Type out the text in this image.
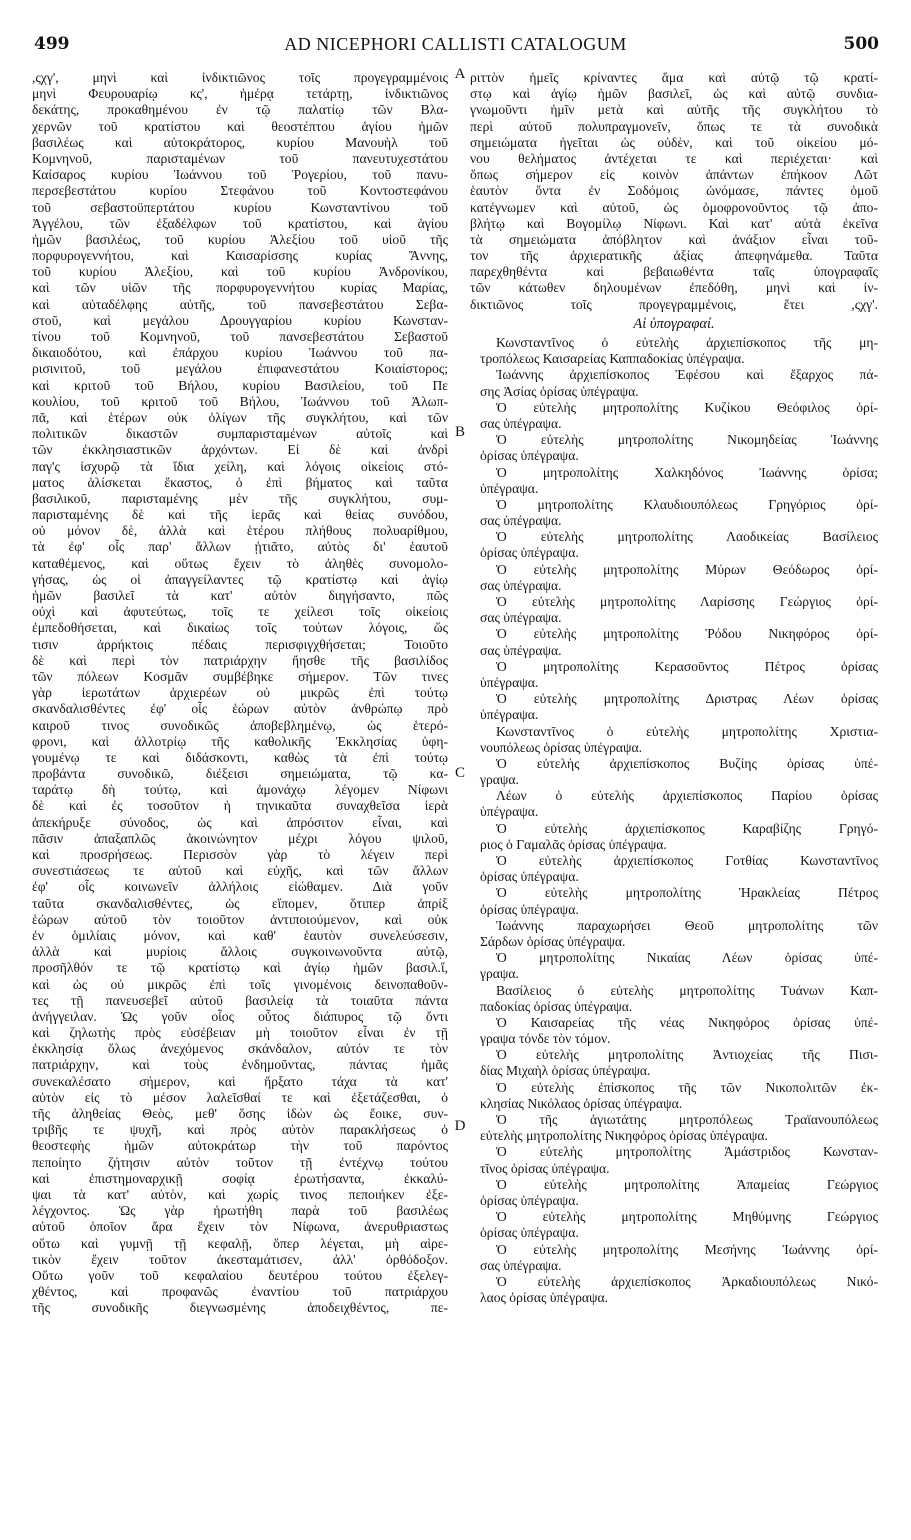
499	AD NICEPHORI CALLISTI CATALOGUM	500
,ςχγ', μηνὶ καὶ ἰνδικτιῶνος τοῖς προγεγραμμένοις
μηνὶ Φευρουαρίῳ κς', ἡμέρᾳ τετάρτῃ, ἰνδικτιῶνος
δεκάτης, προκαθημένου ἐν τῷ παλατίῳ τῶν Βλα-
χερνῶν τοῦ κρατίστου καὶ θεοστέπτου ἁγίου ἡμῶν
βασιλέως καὶ αὐτοκράτορος, κυρίου Μανουὴλ τοῦ
Κομνηνοῦ, παρισταμένων τοῦ πανευτυχεστάτου
Καίσαρος κυρίου Ἰωάννου τοῦ Ῥογερίου, τοῦ πανυ-
περσεβεστάτου κυρίου Στεφάνου τοῦ Κοντοστεφάνου
τοῦ σεβαστοϋπερτάτου κυρίου Κωνσταντίνου τοῦ
Ἀγγέλου, τῶν ἐξαδέλφων τοῦ κρατίστου, καὶ ἁγίου
ἡμῶν βασιλέως, τοῦ κυρίου Ἀλεξίου τοῦ υἱοῦ τῆς
πορφυρογεννήτου, καὶ Καισαρίσσης κυρίας Ἄννης,
τοῦ κυρίου Ἀλεξίου, καὶ τοῦ κυρίου Ἀνδρονίκου,
καὶ τῶν υἱῶν τῆς πορφυρογεννήτου κυρίας Μαρίας,
καὶ αὐταδέλφης αὐτῆς, τοῦ πανσεβεστάτου Σεβα-
στοῦ, καὶ μεγάλου Δρουγγαρίου κυρίου Κωνσταν-
τίνου τοῦ Κομνηνοῦ, τοῦ πανσεβεστάτου Σεβαστοῦ
δικαιοδότου, καὶ ἐπάρχου κυρίου Ἰωάννου τοῦ πα-
ρισινιτοῦ, τοῦ μεγάλου ἐπιφανεστάτου Κοιαίστορος;
καὶ κριτοῦ τοῦ Βήλου, κυρίου Βασιλείου, τοῦ Πε
κουλίου, τοῦ κριτοῦ τοῦ Βήλου, Ἰωάννου τοῦ Ἀλωπ-
πᾶ, καὶ ἑτέρων οὐκ ὀλίγων τῆς συγκλήτου, καὶ τῶν
πολιτικῶν δικαστῶν συμπαρισταμένων αὐτοῖς καὶ
τῶν ἐκκλησιαστικῶν ἀρχόντων. Εἰ δὲ καὶ ἀνδρὶ
παγ'ς ἰσχυρῷ τὰ ἴδια χείλη, καὶ λόγοις οἰκείοις στό-
ματος ἁλίσκεται ἕκαστος, ὁ ἐπὶ βήματος καὶ ταῦτα
βασιλικοῦ, παρισταμένης μὲν τῆς συγκλήτου, συμ-
παρισταμένης δὲ καὶ τῆς ἱερᾶς καὶ θείας συνόδου,
οὐ μόνον δὲ, ἀλλὰ καὶ ἑτέρου πλήθους πολυαρίθμου,
τὰ ἐφ' οἷς παρ' ἄλλων ᾐτιᾶτο, αὐτὸς δι' ἑαυτοῦ
καταθέμενος, καὶ οὕτως ἔχειν τὸ ἀληθὲς συνομολο-
γήσας, ὡς οἱ ἀπαγγείλαντες τῷ κρατίστῳ καὶ ἁγίῳ
ἡμῶν βασιλεῖ τὰ κατ' αὐτὸν διηγήσαντο, πῶς
οὐχὶ καὶ ἀφυτεύτως, τοῖς τε χείλεσι τοῖς οἰκείοις
ἐμπεδοθήσεται, καὶ δικαίως τοῖς τούτων λόγοις, ὥς
τισιν ἀρρήκτοις πέδαις περισφιγχθήσεται; Τοιοῦτο
δὲ καὶ περὶ τὸν πατριάρχην ἤησθε τῆς βασιλίδος
τῶν πόλεων Κοσμᾶν συμβέβηκε σήμερον. Τῶν τινες
γὰρ ἱερωτάτων ἀρχιερέων οὐ μικρῶς ἐπὶ τούτῳ
σκανδαλισθέντες ἐφ' οἷς ἑώρων αὐτὸν ἀνθρώπῳ πρὸ
καιροῦ τινος συνοδικῶς ἀποβεβλημένῳ, ὡς ἑτερό-
φρονι, καὶ ἀλλοτρίῳ τῆς καθολικῆς Ἐκκλησίας ὑφη-
γουμένῳ τε καὶ διδάσκοντι, καθὼς τὰ ἐπὶ τούτῳ
προβάντα συνοδικῶ, διέξεισι σημειώματα, τῷ κα-
ταράτῳ δὴ τούτῳ, καὶ ἀμονάχῳ λέγομεν Νίφωνι
δὲ καὶ ἐς τοσοῦτον ἡ τηνικαῦτα συναχθεῖσα ἱερὰ
ἀπεκήρυξε σύνοδος, ὡς καὶ ἀπρόσιτον εἶναι, καὶ
πᾶσιν ἀπαξαπλῶς ἀκοινώνητον μέχρι λόγου ψιλοῦ,
καὶ προσρήσεως. Περισσὸν γὰρ τὸ λέγειν περὶ
συνεστιάσεως τε αὐτοῦ καὶ εὐχῆς, καὶ τῶν ἄλλων
ἐφ' οἷς κοινωνεῖν ἀλλήλοις εἰώθαμεν. Διὰ γοῦν
ταῦτα σκανδαλισθέντες, ὡς εἴπομεν, ὅτιπερ ἀπρίξ
ἑώρων αὐτοῦ τὸν τοιοῦτον ἀντιποιούμενον, καὶ οὐκ
ἐν ὁμιλίαις μόνον, καὶ καθ' ἑαυτὸν συνελεύσεσιν,
ἀλλὰ καὶ μυρίοις ἄλλοις συγκοινωνοῦντα αὐτῷ,
προσῆλθόν τε τῷ κρατίστῳ καὶ ἁγίῳ ἡμῶν βασιλ.ἴ,
καὶ ὡς οὐ μικρῶς ἐπὶ τοῖς γινομένοις δεινοπαθοῦν-
τες τῇ πανευσεβεῖ αὐτοῦ βασιλείᾳ τὰ τοιαῦτα πάντα
ἀνήγγειλαν. Ὡς γοῦν οἷος οὗτος διάπυρος τῷ ὄντι
καὶ ζηλωτὴς πρὸς εὐσέβειαν μὴ τοιοῦτον εἶναι ἐν τῇ
ἐκκλησίᾳ ὅλως ἀνεχόμενος σκάνδαλον, αὐτόν τε τὸν
πατριάρχην, καὶ τοὺς ἐνδημοῦντας, πάντας ἡμᾶς
συνεκαλέσατο σήμερον, καὶ ἤρξατο τάχα τὰ κατ'
αὐτὸν εἰς τὸ μέσον λαλεῖσθαί τε καὶ ἐξετάζεσθαι, ὁ
τῆς ἀληθείας Θεὸς, μεθ' ὅσης ἰδὼν ὡς ἔοικε, συν-
τριβῆς τε ψυχῆ, καὶ πρὸς αὐτὸν παρακλήσεως ὁ
θεοστεφὴς ἡμῶν αὐτοκράτωρ τὴν τοῦ παρόντος
πεποίητο ζήτησιν αὐτὸν τοῦτον τῇ ἐντέχνῳ τούτου
καὶ ἐπιστημοναρχικῇ σοφίᾳ ἐρωτήσαντα, ἐκκαλύ-
ψαι τὰ κατ' αὐτὸν, καὶ χωρίς τινος πεποιήκεν ἐξε-
λέγχοντος. Ὡς γὰρ ἠρωτήθη παρὰ τοῦ βασιλέως
αὐτοῦ ὁποῖον ἄρα ἔχειν τὸν Νίφωνα, ἀνερυθριαστως
οὕτω καὶ γυμνῇ τῇ κεφαλῇ, ὅπερ λέγεται, μὴ αἱρε-
τικὸν ἔχειν τοῦτον ἀκεσταμάτισεν, ἀλλ' ὀρθόδοξον.
Οὕτω γοῦν τοῦ κεφαλαίου δευτέρου τούτου ἐξελεγ-
χθέντος, καὶ προφανῶς ἐναντίου τοῦ πατριάρχου
τῆς συνοδικῆς διεγνωσμένης ἀποδειχθέντος, πε-
ριττὸν ἡμεῖς κρίναντες ἅμα καὶ αὐτῷ τῷ κρατί-
στῳ καὶ ἁγίῳ ἡμῶν βασιλεῖ, ὡς καὶ αὐτῷ συνδια-
γνωμοῦντι ἡμῖν μετὰ καὶ αὐτῆς τῆς συγκλήτου τὸ
περὶ αὐτοῦ πολυπραγμονεῖν, ὅπως τε τὰ συνοδικὰ
σημειώματα ἡγεῖται ὡς οὐδὲν, καὶ τοῦ οἰκείου μό-
νου θελήματος ἀντέχεται τε καὶ περιέχεται· καὶ
ὅπως σήμερον εἰς κοινὸν ἁπάντων ἐπήκοον Λῶτ
ἑαυτὸν ὄντα ἐν Σοδόμοις ὠνόμασε, πάντες ὁμοῦ
κατέγνωμεν καὶ αὐτοῦ, ὡς ὁμοφρονοῦντος τῷ ἀπο-
βλήτῳ καὶ Βογομίλῳ Νίφωνι. Καὶ κατ' αὐτὰ ἐκεῖνα
τὰ σημειώματα ἀπόβλητον καὶ ἀνάξιον εἶναι τοῦ-
τον τῆς ἀρχιερατικῆς ἀξίας ἀπεφηνάμεθα. Ταῦτα
παρεχθηθέντα καὶ βεβαιωθέντα ταῖς ὑπογραφαῖς
τῶν κάτωθεν δηλουμένων ἐπεδόθη, μηνὶ καὶ ἰν-
δικτιῶνος τοῖς προγεγραμμένοις, ἔτει ,ςχγ'.
Αἱ ὑπογραφαί.
Κωνσταντῖνος ὁ εὐτελὴς ἀρχιεπίσκοπος τῆς μη-
τροπόλεως Καισαρείας Καππαδοκίας ὑπέγραψα.
Ἰωάννης ἀρχιεπίσκοπος Ἐφέσου καὶ ἔξαρχος πά-
σης Ἀσίας ὁρίσας ὑπέγραψα.
Ὁ εὐτελὴς μητροπολίτης Κυζίκου Θεόφιλος ὁρί-
σας ὑπέγραψα.
Ὁ εὐτελὴς μητροπολίτης Νικομηδείας Ἰωάννης
ὁρίσας ὑπέγραψα.
Ὁ μητροπολίτης Χαλκηδόνος Ἰωάννης ὁρίσα;
ὑπέγραψα.
Ὁ μητροπολίτης Κλαυδιουπόλεως Γρηγόριος ὁρί-
σας ὑπέγραψα.
Ὁ εὐτελὴς μητροπολίτης Λαοδικείας Βασίλειος
ὁρίσας ὑπέγραψα.
Ὁ εὐτελὴς μητροπολίτης Μύρων Θεόδωρος ὁρί-
σας ὑπέγραψα.
Ὁ εὐτελὴς μητροπολίτης Λαρίσσης Γεώργιος ὁρί-
σας ὑπέγραψα.
Ὁ εὐτελὴς μητροπολίτης Ῥόδου Νικηφόρος ὁρί-
σας ὑπέγραψα.
Ὁ μητροπολίτης Κερασοῦντος Πέτρος ὁρίσας
ὑπέγραψα.
Ὁ εὐτελὴς μητροπολίτης Δριστρας Λέων ὁρίσας
ὑπέγραψα.
Κωνσταντῖνος ὁ εὐτελὴς μητροπολίτης Χριστια-
νουπόλεως ὁρίσας ὑπέγραψα.
Ὁ εὐτελὴς ἀρχιεπίσκοπος Βυζίης ὁρίσας ὑπέ-
γραψα.
Λέων ὁ εὐτελὴς ἀρχιεπίσκοπος Παρίου ὁρίσας
ὑπέγραψα.
Ὁ εὐτελὴς ἀρχιεπίσκοπος Καραβίζης Γρηγό-
ριος ὁ Γαμαλᾶς ὁρίσας ὑπέγραψα.
Ὁ εὐτελὴς ἀρχιεπίσκοπος Γοτθίας Κωνσταντῖνος
ὁρίσας ὑπέγραψα.
Ὁ εὐτελὴς μητροπολίτης Ἡρακλείας Πέτρος
ὁρίσας ὑπέγραψα.
Ἰωάννης παραχωρήσει Θεοῦ μητροπολίτης τῶν
Σάρδων ὁρίσας ὑπέγραψα.
Ὁ μητροπολίτης Νικαίας Λέων ὁρίσας ὑπέ-
γραψα.
Βασίλειος ὁ εὐτελὴς μητροπολίτης Τυάνων Καπ-
παδοκίας ὁρίσας ὑπέγραψα.
Ὁ Καισαρείας τῆς νέας Νικηφόρος ὁρίσας ὑπέ-
γραψα τόνδε τὸν τόμον.
Ὁ εὐτελὴς μητροπολίτης Ἀντιοχείας τῆς Πισι-
δίας Μιχαὴλ ὁρίσας ὑπέγραψα.
Ὁ εὐτελὴς ἐπίσκοπος τῆς τῶν Νικοπολιτῶν ἐκ-
κλησίας Νικόλαος ὁρίσας ὑπέγραψα.
Ὁ τῆς ἁγιωτάτης μητροπόλεως Τραϊανουπόλεως
εὐτελὴς μητροπολίτης Νικηφόρος ὁρίσας ὑπέγραψα.
Ὁ εὐτελὴς μητροπολίτης Ἀμάστριδος Κωνσταν-
τῖνος ὁρίσας ὑπέγραψα.
Ὁ εὐτελὴς μητροπολίτης Ἀπαμείας Γεώργιος
ὁρίσας ὑπέγραψα.
Ὁ εὐτελὴς μητροπολίτης Μηθύμνης Γεώργιος
ὁρίσας ὑπέγραψα.
Ὁ εὐτελὴς μητροπολίτης Μεσήνης Ἰωάννης ὁρί-
σας ὑπέγραψα.
Ὁ εὐτελὴς ἀρχιεπίσκοπος Ἀρκαδιουπόλεως Νικό-
λαος ὁρίσας ὑπέγραψα.
A
B
C
D
